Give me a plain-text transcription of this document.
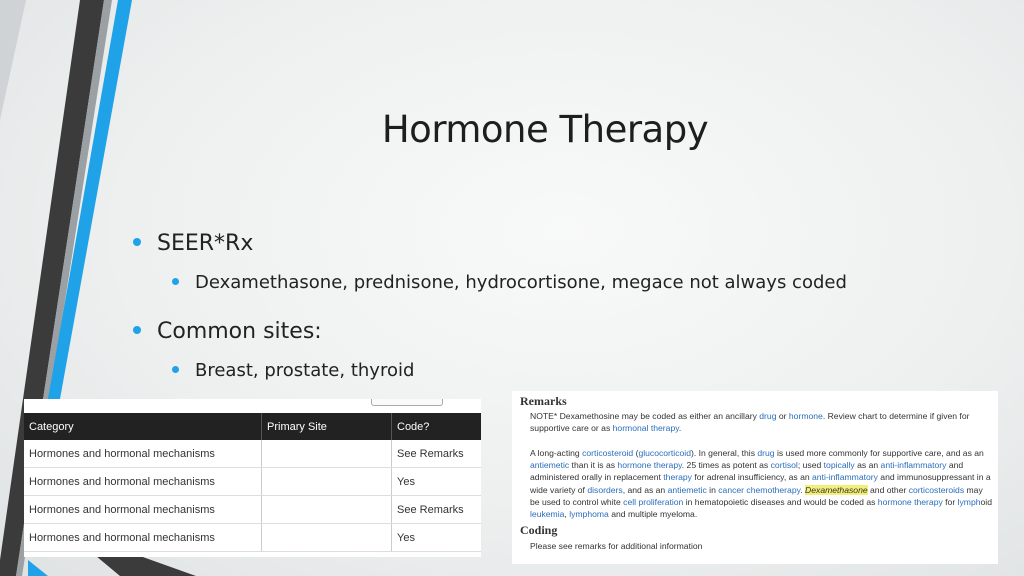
Hormone Therapy
SEER*Rx
Dexamethasone, prednisone, hydrocortisone, megace not always coded
Common sites:
Breast, prostate, thyroid
Category	Primary Site	Code?
Hormones and hormonal mechanisms		See Remarks
Hormones and hormonal mechanisms		Yes
Hormones and hormonal mechanisms		See Remarks
Hormones and hormonal mechanisms		Yes
Remarks
NOTE* Dexamethosine may be coded as either an ancillary drug or hormone. Review chart to determine if given for supportive care or as hormonal therapy.
A long-acting corticosteroid (glucocorticoid). In general, this drug is used more commonly for supportive care, and as an antiemetic than it is as hormone therapy. 25 times as potent as cortisol; used topically as an anti-inflammatory and administered orally in replacement therapy for adrenal insufficiency, as an anti-inflammatory and immunosuppressant in a wide variety of disorders, and as an antiemetic in cancer chemotherapy. Dexamethasone and other corticosteroids may be used to control white cell proliferation in hematopoietic diseases and would be coded as hormone therapy for lymphoid leukemia, lymphoma and multiple myeloma.
Coding
Please see remarks for additional information
